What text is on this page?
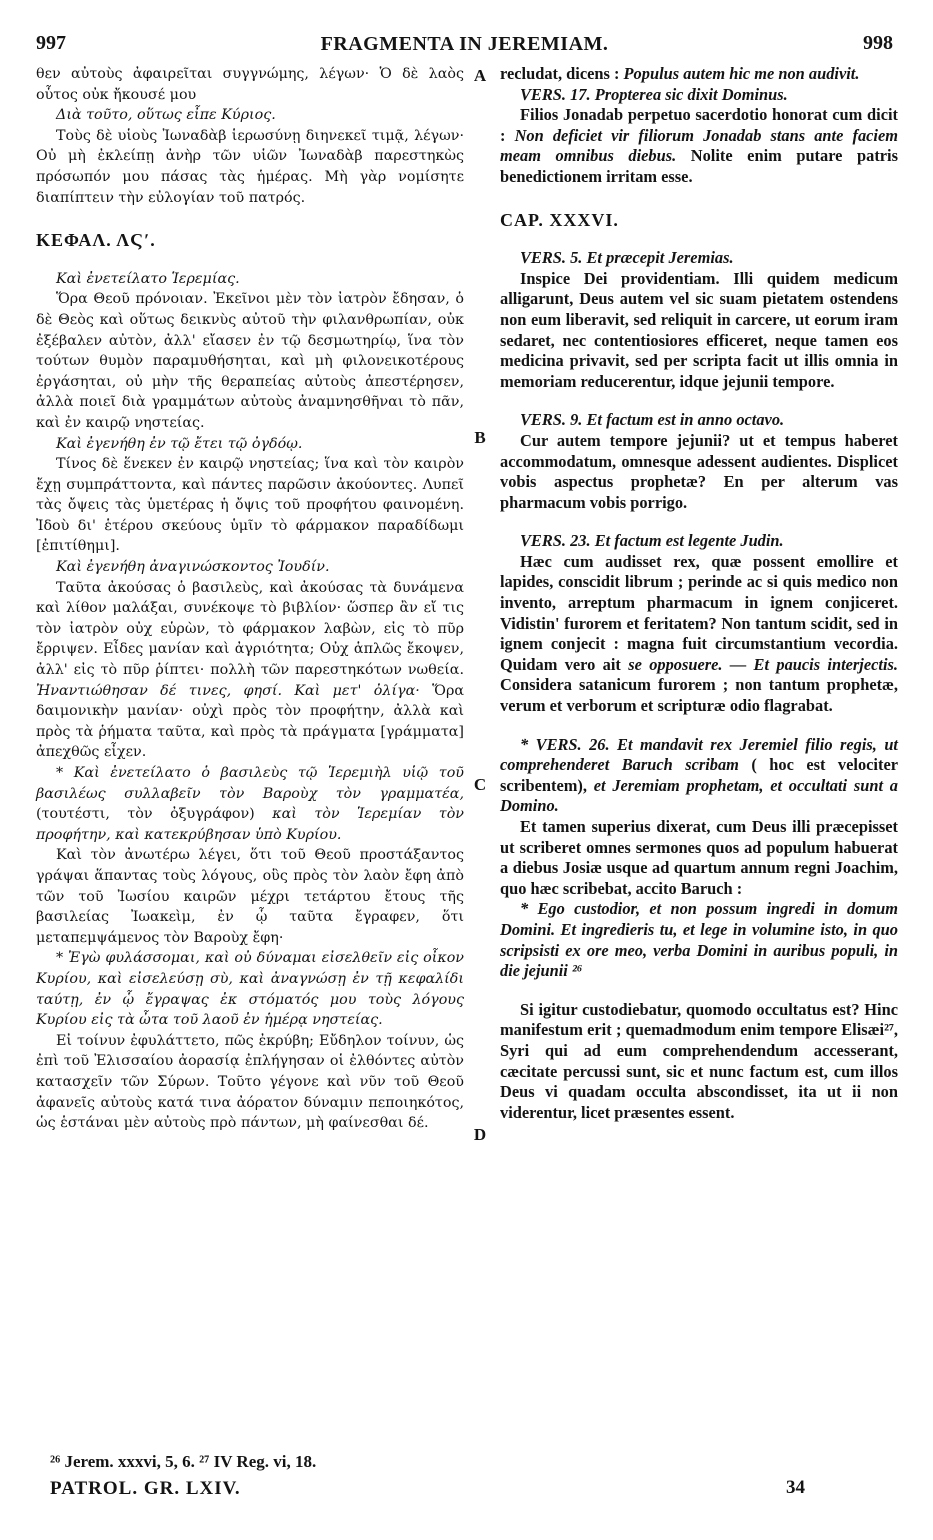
997	FRAGMENTA IN JEREMIAM.	998

θεν αὐτοὺς ἀφαιρεῖται συγγνώμης, λέγων· Ὁ δὲ λαὸς οὗτος οὐκ ἤκουσέ μου

Διὰ τοῦτο, οὕτως εἶπε Κύριος.

Τοὺς δὲ υἱοὺς Ἰωναδὰβ ἱερωσύνῃ διηνεκεῖ τιμᾷ, λέγων· Οὐ μὴ ἐκλείπῃ ἀνὴρ τῶν υἱῶν Ἰωναδὰβ παρεστηκὼς πρόσωπόν μου πάσας τὰς ἡμέρας. Μὴ γὰρ νομίσητε διαπίπτειν τὴν εὐλογίαν τοῦ πατρός.

ΚΕΦΑΛ. ΛϚʹ.

Καὶ ἐνετείλατο Ἱερεμίας.

Ὅρα Θεοῦ πρόνοιαν. Ἐκεῖνοι μὲν τὸν ἰατρὸν ἔδησαν, ὁ δὲ Θεὸς καὶ οὕτως δεικνὺς αὐτοῦ τὴν φιλανθρωπίαν, οὐκ ἐξέβαλεν αὐτὸν, ἀλλ' εἴασεν ἐν τῷ δεσμωτηρίῳ, ἵνα τὸν τούτων θυμὸν παραμυθήσηται, καὶ μὴ φιλονεικοτέρους ἐργάσηται, οὐ μὴν τῆς θεραπείας αὐτοὺς ἀπεστέρησεν, ἀλλὰ ποιεῖ διὰ γραμμάτων αὐτοὺς ἀναμνησθῆναι τὸ πᾶν, καὶ ἐν καιρῷ νηστείας.

Καὶ ἐγενήθη ἐν τῷ ἔτει τῷ ὀγδόῳ.

Τίνος δὲ ἕνεκεν ἐν καιρῷ νηστείας; ἵνα καὶ τὸν καιρὸν ἔχῃ συμπράττοντα, καὶ πάντες παρῶσιν ἀκούοντες. Λυπεῖ τὰς ὄψεις τὰς ὑμετέρας ἡ ὄψις τοῦ προφήτου φαινομένη. Ἰδοὺ δι' ἑτέρου σκεύους ὑμῖν τὸ φάρμακον παραδίδωμι [ἐπιτίθημι].

Καὶ ἐγενήθη ἀναγινώσκοντος Ἰουδίν.

Ταῦτα ἀκούσας ὁ βασιλεὺς, καὶ ἀκούσας τὰ δυνάμενα καὶ λίθον μαλάξαι, συνέκοψε τὸ βιβλίον· ὥσπερ ἂν εἴ τις τὸν ἰατρὸν οὐχ εὑρὼν, τὸ φάρμακον λαβὼν, εἰς τὸ πῦρ ἔρριψεν. Εἶδες μανίαν καὶ ἀγριότητα; Οὐχ ἁπλῶς ἔκοψεν, ἀλλ' εἰς τὸ πῦρ ῥίπτει· πολλὴ τῶν παρεστηκότων νωθεία. Ἠναντιώθησαν δέ τινες, φησί. Καὶ μετ' ὀλίγα· Ὅρα δαιμονικὴν μανίαν· οὐχὶ πρὸς τὸν προφήτην, ἀλλὰ καὶ πρὸς τὰ ῥήματα ταῦτα, καὶ πρὸς τὰ πράγματα [γράμματα] ἀπεχθῶς εἶχεν.

* Καὶ ἐνετείλατο ὁ βασιλεὺς τῷ Ἱερεμιὴλ υἱῷ τοῦ βασιλέως συλλαβεῖν τὸν Βαροὺχ τὸν γραμματέα, (τουτέστι, τὸν ὀξυγράφον) καὶ τὸν Ἱερεμίαν τὸν προφήτην, καὶ κατεκρύβησαν ὑπὸ Κυρίου.

Καὶ τὸν ἀνωτέρω λέγει, ὅτι τοῦ Θεοῦ προστάξαντος γράψαι ἅπαντας τοὺς λόγους, οὓς πρὸς τὸν λαὸν ἔφη ἀπὸ τῶν τοῦ Ἰωσίου καιρῶν μέχρι τετάρτου ἔτους τῆς βασιλείας Ἰωακεὶμ, ἐν ᾧ ταῦτα ἔγραφεν, ὅτι μεταπεμψάμενος τὸν Βαροὺχ ἔφη·

* Ἐγὼ φυλάσσομαι, καὶ οὐ δύναμαι εἰσελθεῖν εἰς οἶκον Κυρίου, καὶ εἰσελεύσῃ σὺ, καὶ ἀναγνώσῃ ἐν τῇ κεφαλίδι ταύτῃ, ἐν ᾧ ἔγραψας ἐκ στόματός μου τοὺς λόγους Κυρίου εἰς τὰ ὦτα τοῦ λαοῦ ἐν ἡμέρᾳ νηστείας.

Εἰ τοίνυν ἐφυλάττετο, πῶς ἐκρύβη; Εὔδηλον τοίνυν, ὡς ἐπὶ τοῦ Ἐλισσαίου ἀορασίᾳ ἐπλήγησαν οἱ ἐλθόντες αὐτὸν κατασχεῖν τῶν Σύρων. Τοῦτο γέγονε καὶ νῦν τοῦ Θεοῦ ἀφανεῖς αὐτοὺς κατά τινα ἀόρατον δύναμιν πεποιηκότος, ὡς ἑστάναι μὲν αὐτοὺς πρὸ πάντων, μὴ φαίνεσθαι δέ.

A
B
C
D

recludat, dicens : Populus autem hic me non audivit.

VERS. 17. Propterea sic dixit Dominus.

Filios Jonadab perpetuo sacerdotio honorat cum dicit : Non deficiet vir filiorum Jonadab stans ante faciem meam omnibus diebus. Nolite enim putare patris benedictionem irritam esse.

CAP. XXXVI.

VERS. 5. Et præcepit Jeremias.

Inspice Dei providentiam. Illi quidem medicum alligarunt, Deus autem vel sic suam pietatem ostendens non eum liberavit, sed reliquit in carcere, ut eorum iram sedaret, nec contentiosiores efficeret, neque tamen eos medicina privavit, sed per scripta facit ut illis omnia in memoriam reducerentur, idque jejunii tempore.

VERS. 9. Et factum est in anno octavo.

Cur autem tempore jejunii? ut et tempus haberet accommodatum, omnesque adessent audientes. Displicet vobis aspectus prophetæ? En per alterum vas pharmacum vobis porrigo.

VERS. 23. Et factum est legente Judin.

Hæc cum audisset rex, quæ possent emollire et lapides, conscidit librum ; perinde ac si quis medico non invento, arreptum pharmacum in ignem conjiceret. Vidistin' furorem et feritatem? Non tantum scidit, sed in ignem conjecit : magna fuit circumstantium vecordia. Quidam vero ait se opposuere. — Et paucis interjectis. Considera satanicum furorem ; non tantum prophetæ, verum et verborum et scripturæ odio flagrabat.

* VERS. 26. Et mandavit rex Jeremiel filio regis, ut comprehenderet Baruch scribam ( hoc est velociter scribentem), et Jeremiam prophetam, et occultati sunt a Domino.

Et tamen superius dixerat, cum Deus illi præcepisset ut scriberet omnes sermones quos ad populum habuerat a diebus Josiæ usque ad quartum annum regni Joachim, quo hæc scribebat, accito Baruch :

* Ego custodior, et non possum ingredi in domum Domini. Et ingredieris tu, et lege in volumine isto, in quo scripsisti ex ore meo, verba Domini in auribus populi, in die jejunii ²⁶

Si igitur custodiebatur, quomodo occultatus est? Hinc manifestum erit ; quemadmodum enim tempore Elisæi²⁷, Syri qui ad eum comprehendendum accesserant, cæcitate percussi sunt, sic et nunc factum est, cum illos Deus vi quadam occulta abscondisset, ita ut ii non viderentur, licet præsentes essent.

²⁶ Jerem. xxxvi, 5, 6. ²⁷ IV Reg. vi, 18.
PATROL. GR. LXIV.	34
